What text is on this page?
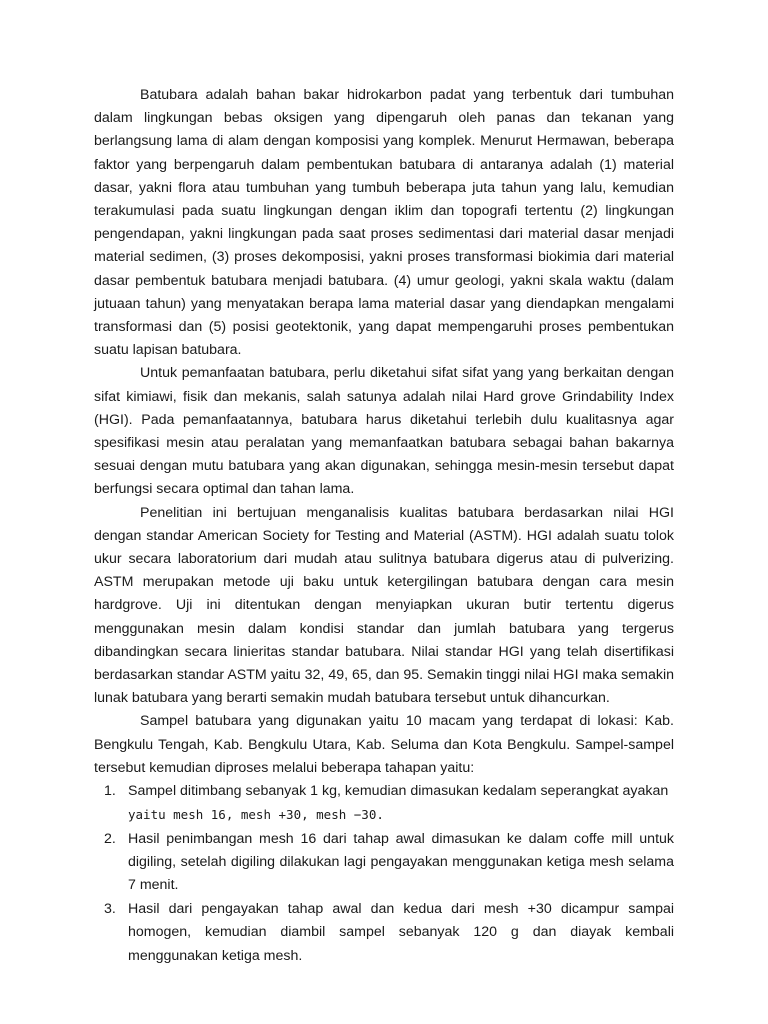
Batubara adalah bahan bakar hidrokarbon padat yang terbentuk dari tumbuhan dalam lingkungan bebas oksigen yang dipengaruh oleh panas dan tekanan yang berlangsung lama di alam dengan komposisi yang komplek. Menurut Hermawan, beberapa faktor yang berpengaruh dalam pembentukan batubara di antaranya adalah (1) material dasar, yakni flora atau tumbuhan yang tumbuh beberapa juta tahun yang lalu, kemudian terakumulasi pada suatu lingkungan dengan iklim dan topografi tertentu (2) lingkungan pengendapan, yakni lingkungan pada saat proses sedimentasi dari material dasar menjadi material sedimen, (3) proses dekomposisi, yakni proses transformasi biokimia dari material dasar pembentuk batubara menjadi batubara. (4) umur geologi, yakni skala waktu (dalam jutuaan tahun) yang menyatakan berapa lama material dasar yang diendapkan mengalami transformasi dan (5) posisi geotektonik, yang dapat mempengaruhi proses pembentukan suatu lapisan batubara.

Untuk pemanfaatan batubara, perlu diketahui sifat sifat yang yang berkaitan dengan sifat kimiawi, fisik dan mekanis, salah satunya adalah nilai Hard grove Grindability Index (HGI). Pada pemanfaatannya, batubara harus diketahui terlebih dulu kualitasnya agar spesifikasi mesin atau peralatan yang memanfaatkan batubara sebagai bahan bakarnya sesuai dengan mutu batubara yang akan digunakan, sehingga mesin-mesin tersebut dapat berfungsi secara optimal dan tahan lama.

Penelitian ini bertujuan menganalisis kualitas batubara berdasarkan nilai HGI dengan standar American Society for Testing and Material (ASTM). HGI adalah suatu tolok ukur secara laboratorium dari mudah atau sulitnya batubara digerus atau di pulverizing. ASTM merupakan metode uji baku untuk ketergilingan batubara dengan cara mesin hardgrove. Uji ini ditentukan dengan menyiapkan ukuran butir tertentu digerus menggunakan mesin dalam kondisi standar dan jumlah batubara yang tergerus dibandingkan secara linieritas standar batubara. Nilai standar HGI yang telah disertifikasi berdasarkan standar ASTM yaitu 32, 49, 65, dan 95. Semakin tinggi nilai HGI maka semakin lunak batubara yang berarti semakin mudah batubara tersebut untuk dihancurkan.

Sampel batubara yang digunakan yaitu 10 macam yang terdapat di lokasi: Kab. Bengkulu Tengah, Kab. Bengkulu Utara, Kab. Seluma dan Kota Bengkulu. Sampel-sampel tersebut kemudian diproses melalui beberapa tahapan yaitu:

1. Sampel ditimbang sebanyak 1 kg, kemudian dimasukan kedalam seperangkat ayakan
yaitu mesh 16, mesh +30, mesh −30.
2. Hasil penimbangan mesh 16 dari tahap awal dimasukan ke dalam coffe mill untuk digiling, setelah digiling dilakukan lagi pengayakan menggunakan ketiga mesh selama 7 menit.
3. Hasil dari pengayakan tahap awal dan kedua dari mesh +30 dicampur sampai homogen, kemudian diambil sampel sebanyak 120 g dan diayak kembali menggunakan ketiga mesh.
